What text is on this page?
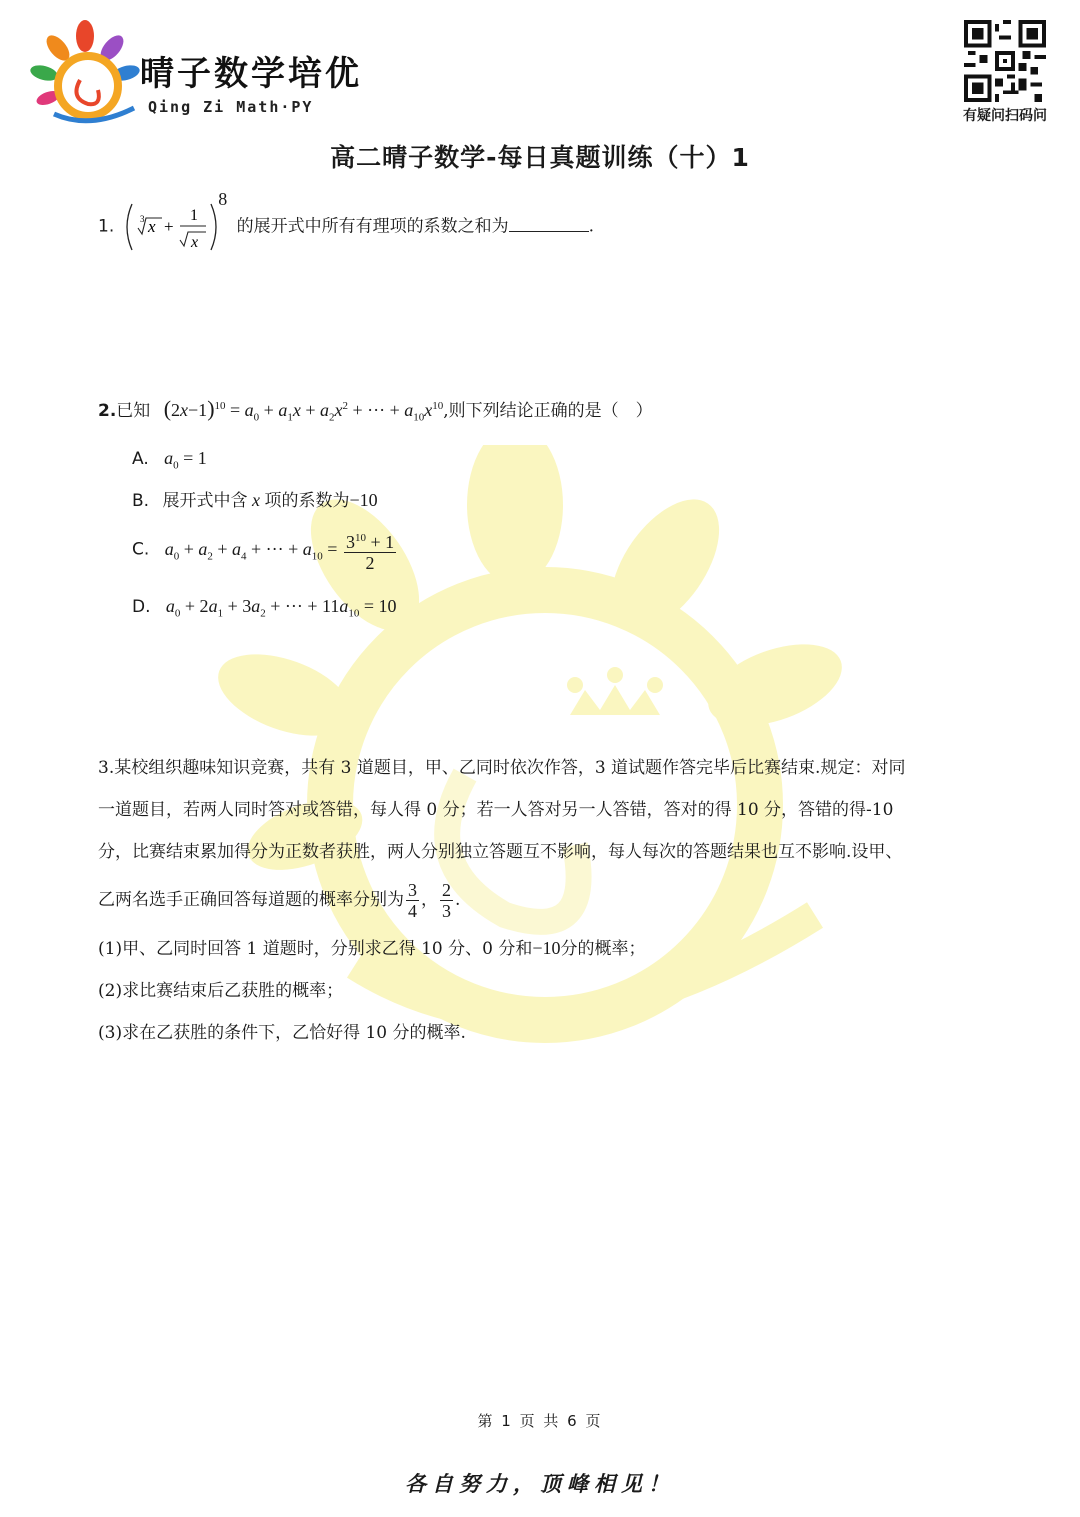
晴子数学培优
Qing Zi Math·PY	有疑问扫码问
高二晴子数学-每日真题训练（十）1
1.	3 x +
1
x
$^8$ 的展开式中所有有理项的系数之和为	.
2.已知 $(2x-1)^{10} = a_0 + a_1x + a_2x^2$ + ··· + $a_{10}x^{10}$,则下列结论正确的是（　）
A. $a_0 = 1$
B. 展开式中含 x 项的系数为−10
C. $a_0 + a_2 + a_4$ + ··· + $a_{10} = \frac{3^{10} + 1}{2}$
D. $a_0 + 2a_1 + 3a_2$ + ··· + $11a_{10} = 10$

3.某校组织趣味知识竞赛，共有 3 道题目，甲、乙同时依次作答，3 道试题作答完毕后比赛结束.规定：对同

一道题目，若两人同时答对或答错，每人得 0 分；若一人答对另一人答错，答对的得 10 分，答错的得-10

分，比赛结束累加得分为正数者获胜，两人分别独立答题互不影响，每人每次的答题结果也互不影响.设甲、

乙两名选手正确回答每道题的概率分别为 $\frac{3}{4}$ ， $\frac{2}{3}$ .

(1)甲、乙同时回答 1 道题时，分别求乙得 10 分、0 分和−10分的概率；

(2)求比赛结束后乙获胜的概率；

(3)求在乙获胜的条件下，乙恰好得 10 分的概率.

第 1 页 共 6 页
各自努力，顶峰相见！
